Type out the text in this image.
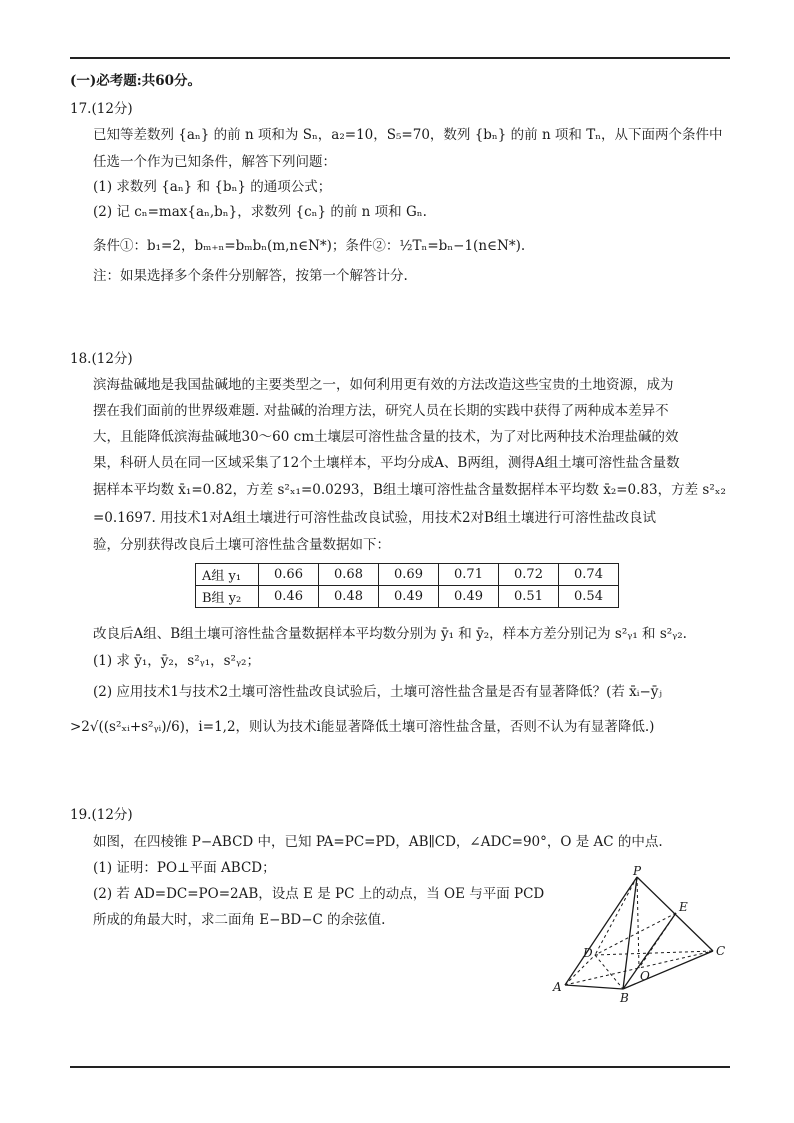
(一)必考题:共60分。
17.(12分)
已知等差数列 {aₙ} 的前 n 项和为 Sₙ，a₂=10，S₅=70，数列 {bₙ} 的前 n 项和 Tₙ，从下面两个条件中
任选一个作为已知条件，解答下列问题：
(1) 求数列 {aₙ} 和 {bₙ} 的通项公式；
(2) 记 cₙ=max{aₙ,bₙ}，求数列 {cₙ} 的前 n 项和 Gₙ.
条件①：b₁=2，bₘ₊ₙ=bₘbₙ(m,n∈N*)；条件②：½Tₙ=bₙ−1(n∈N*).
注：如果选择多个条件分别解答，按第一个解答计分.
18.(12分)
滨海盐碱地是我国盐碱地的主要类型之一，如何利用更有效的方法改造这些宝贵的土地资源，成为
摆在我们面前的世界级难题. 对盐碱的治理方法，研究人员在长期的实践中获得了两种成本差异不
大，且能降低滨海盐碱地30～60 cm土壤层可溶性盐含量的技术，为了对比两种技术治理盐碱的效
果，科研人员在同一区域采集了12个土壤样本，平均分成A、B两组，测得A组土壤可溶性盐含量数
据样本平均数 x̄₁=0.82，方差 s²ₓ₁=0.0293，B组土壤可溶性盐含量数据样本平均数 x̄₂=0.83，方差 s²ₓ₂
=0.1697. 用技术1对A组土壤进行可溶性盐改良试验，用技术2对B组土壤进行可溶性盐改良试
验，分别获得改良后土壤可溶性盐含量数据如下：
A组 y₁	0.66	0.68	0.69	0.71	0.72	0.74
B组 y₂	0.46	0.48	0.49	0.49	0.51	0.54
改良后A组、B组土壤可溶性盐含量数据样本平均数分别为 ȳ₁ 和 ȳ₂，样本方差分别记为 s²ᵧ₁ 和 s²ᵧ₂.
(1) 求 ȳ₁，ȳ₂，s²ᵧ₁，s²ᵧ₂；
(2) 应用技术1与技术2土壤可溶性盐改良试验后，土壤可溶性盐含量是否有显著降低？(若 x̄ᵢ−ȳⱼ
>2√((s²ₓᵢ+s²ᵧᵢ)/6)，i=1,2，则认为技术i能显著降低土壤可溶性盐含量，否则不认为有显著降低.)
19.(12分)
如图，在四棱锥 P−ABCD 中，已知 PA=PC=PD，AB∥CD，∠ADC=90°，O 是 AC 的中点.
(1) 证明：PO⊥平面 ABCD；
(2) 若 AD=DC=PO=2AB，设点 E 是 PC 上的动点，当 OE 与平面 PCD
所成的角最大时，求二面角 E−BD−C 的余弦值.
P
E
D	C
A
B
O
